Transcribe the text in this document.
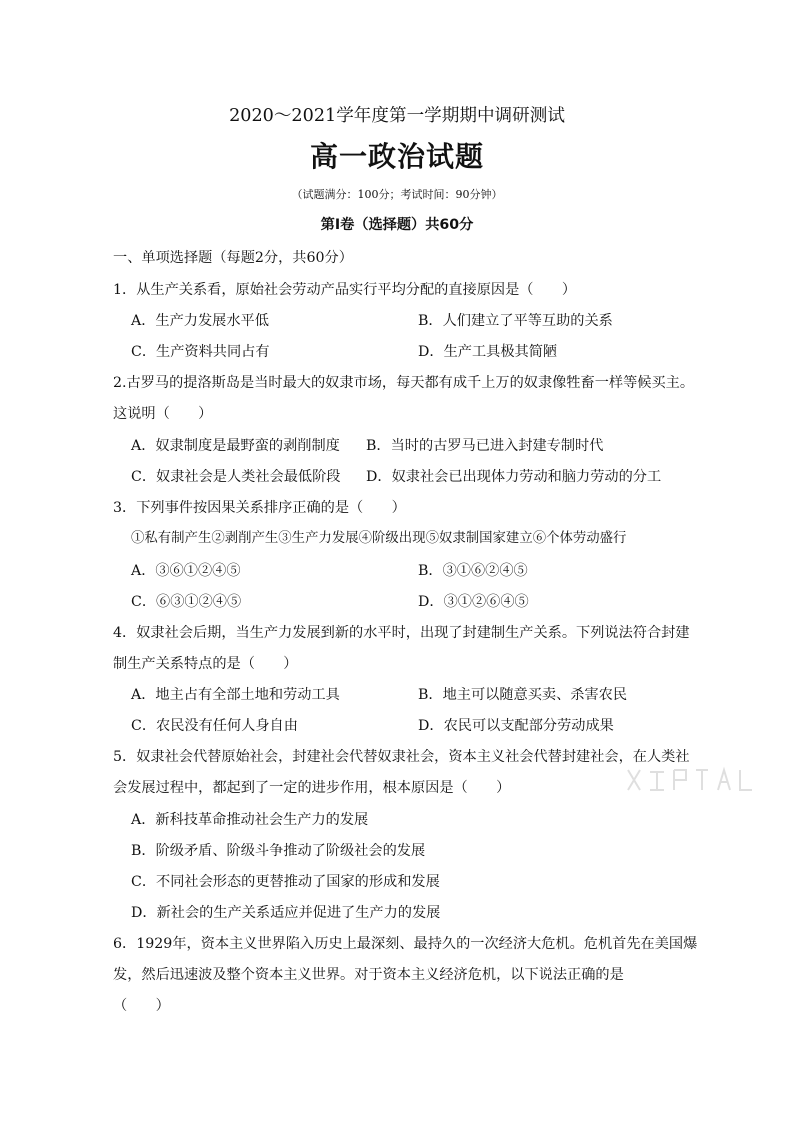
2020～2021学年度第一学期期中调研测试
高一政治试题
（试题满分：100分；考试时间：90分钟）
第Ⅰ卷（选择题）共60分
一、单项选择题（每题2分，共60分）
1．从生产关系看，原始社会劳动产品实行平均分配的直接原因是（　　）
A．生产力发展水平低	B．人们建立了平等互助的关系
C．生产资料共同占有	D．生产工具极其简陋
2.古罗马的提洛斯岛是当时最大的奴隶市场，每天都有成千上万的奴隶像牲畜一样等候买主。
这说明（　　）
A．奴隶制度是最野蛮的剥削制度 B．当时的古罗马已进入封建专制时代
C．奴隶社会是人类社会最低阶段 D．奴隶社会已出现体力劳动和脑力劳动的分工
3．下列事件按因果关系排序正确的是（　　）
①私有制产生②剥削产生③生产力发展④阶级出现⑤奴隶制国家建立⑥个体劳动盛行
A．③⑥①②④⑤	B．③①⑥②④⑤
C．⑥③①②④⑤	D．③①②⑥④⑤
4．奴隶社会后期，当生产力发展到新的水平时，出现了封建制生产关系。下列说法符合封建
制生产关系特点的是（　　）
A．地主占有全部土地和劳动工具	B．地主可以随意买卖、杀害农民
C．农民没有任何人身自由	D．农民可以支配部分劳动成果
5．奴隶社会代替原始社会，封建社会代替奴隶社会，资本主义社会代替封建社会，在人类社
会发展过程中，都起到了一定的进步作用，根本原因是（　　）
A．新科技革命推动社会生产力的发展
B．阶级矛盾、阶级斗争推动了阶级社会的发展
C．不同社会形态的更替推动了国家的形成和发展
D．新社会的生产关系适应并促进了生产力的发展
6．1929年，资本主义世界陷入历史上最深刻、最持久的一次经济大危机。危机首先在美国爆
发，然后迅速波及整个资本主义世界。对于资本主义经济危机，以下说法正确的是
（　　）
